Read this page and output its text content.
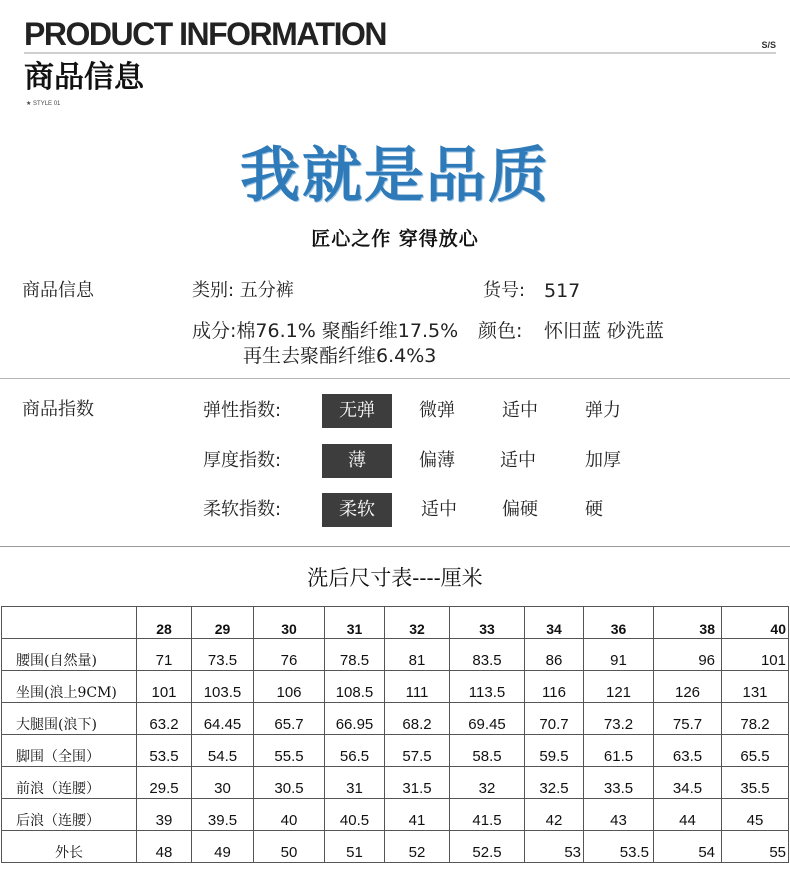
PRODUCT INFORMATION	S/S
商品信息
★ STYLE 01
我就是品质
匠心之作 穿得放心
商品信息	类别: 五分裤	货号: 517
成分:棉76.1% 聚酯纤维17.5% 颜色: 怀旧蓝 砂洗蓝
再生去聚酯纤维6.4%3
商品指数	弹性指数:	无弹	微弹	适中	弹力
厚度指数:	薄	偏薄	适中	加厚
柔软指数:	柔软	适中	偏硬	硬
洗后尺寸表----厘米
	28	29	30	31	32	33	34	36	38	40
腰围(自然量)	71	73.5	76	78.5	81	83.5	86	91	96	101
坐围(浪上9CM)	101	103.5	106	108.5	111	113.5	116	121	126	131
大腿围(浪下)	63.2	64.45	65.7	66.95	68.2	69.45	70.7	73.2	75.7	78.2
脚围（全围）	53.5	54.5	55.5	56.5	57.5	58.5	59.5	61.5	63.5	65.5
前浪（连腰）	29.5	30	30.5	31	31.5	32	32.5	33.5	34.5	35.5
后浪（连腰）	39	39.5	40	40.5	41	41.5	42	43	44	45
外长	48	49	50	51	52	52.5	53	53.5	54	55
